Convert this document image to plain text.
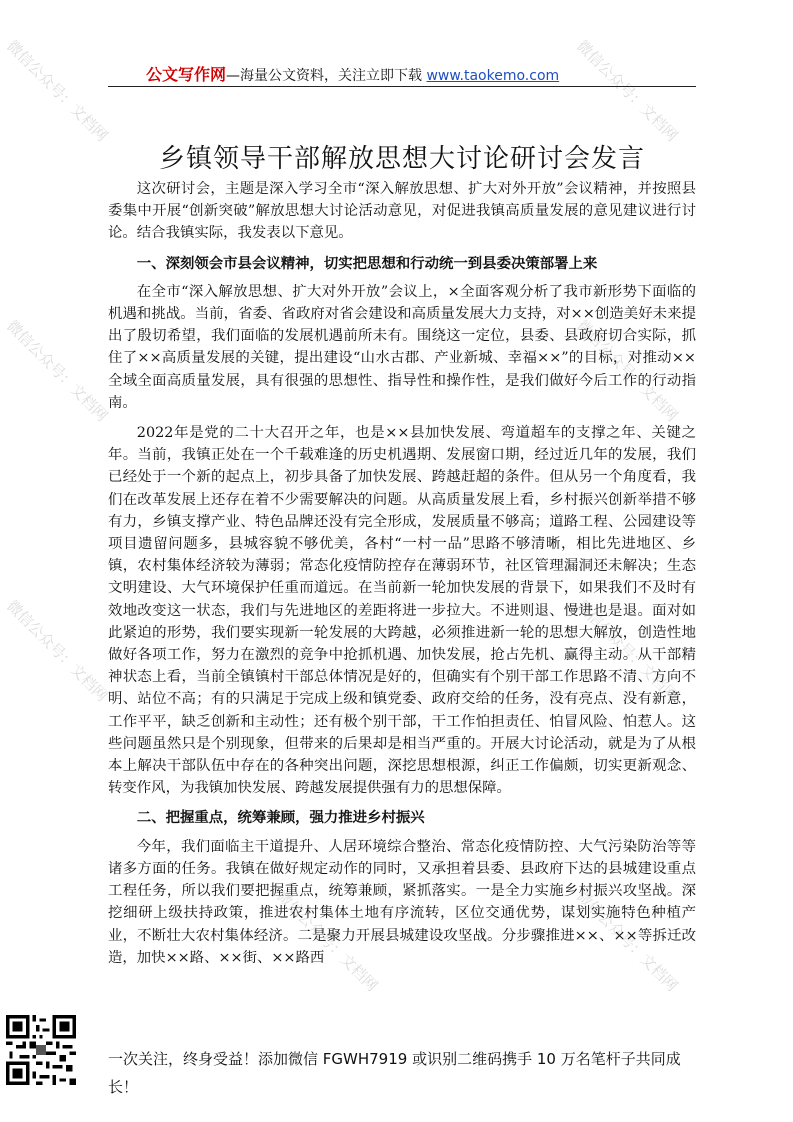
微信公众号：文档网	微信公众号：文档网
微信公众号：文档网	微信公众号：文档网
微信公众号：文档网	微信公众号：文档网
微信公众号：文档网	微信公众号：文档网
公文写作网—海量公文资料，关注立即下载 www.taokemo.com
乡镇领导干部解放思想大讨论研讨会发言

这次研讨会，主题是深入学习全市“深入解放思想、扩大对外开放”会议精神，并按照县委集中开展“创新突破”解放思想大讨论活动意见，对促进我镇高质量发展的意见建议进行讨论。结合我镇实际，我发表以下意见。

一、深刻领会市县会议精神，切实把思想和行动统一到县委决策部署上来

在全市“深入解放思想、扩大对外开放”会议上，×全面客观分析了我市新形势下面临的机遇和挑战。当前，省委、省政府对省会建设和高质量发展大力支持，对××创造美好未来提出了殷切希望，我们面临的发展机遇前所未有。围绕这一定位，县委、县政府切合实际，抓住了××高质量发展的关键，提出建设“山水古郡、产业新城、幸福××”的目标，对推动××全域全面高质量发展，具有很强的思想性、指导性和操作性，是我们做好今后工作的行动指南。

2022年是党的二十大召开之年，也是××县加快发展、弯道超车的支撑之年、关键之年。当前，我镇正处在一个千载难逢的历史机遇期、发展窗口期，经过近几年的发展，我们已经处于一个新的起点上，初步具备了加快发展、跨越赶超的条件。但从另一个角度看，我们在改革发展上还存在着不少需要解决的问题。从高质量发展上看，乡村振兴创新举措不够有力，乡镇支撑产业、特色品牌还没有完全形成，发展质量不够高；道路工程、公园建设等项目遗留问题多，县城容貌不够优美，各村“一村一品”思路不够清晰，相比先进地区、乡镇，农村集体经济较为薄弱；常态化疫情防控存在薄弱环节，社区管理漏洞还未解决；生态文明建设、大气环境保护任重而道远。在当前新一轮加快发展的背景下，如果我们不及时有效地改变这一状态，我们与先进地区的差距将进一步拉大。不进则退、慢进也是退。面对如此紧迫的形势，我们要实现新一轮发展的大跨越，必须推进新一轮的思想大解放，创造性地做好各项工作，努力在激烈的竞争中抢抓机遇、加快发展，抢占先机、赢得主动。从干部精神状态上看，当前全镇镇村干部总体情况是好的，但确实有个别干部工作思路不清、方向不明、站位不高；有的只满足于完成上级和镇党委、政府交给的任务，没有亮点、没有新意，工作平平，缺乏创新和主动性；还有极个别干部，干工作怕担责任、怕冒风险、怕惹人。这些问题虽然只是个别现象，但带来的后果却是相当严重的。开展大讨论活动，就是为了从根本上解决干部队伍中存在的各种突出问题，深挖思想根源，纠正工作偏颇，切实更新观念、转变作风，为我镇加快发展、跨越发展提供强有力的思想保障。

二、把握重点，统筹兼顾，强力推进乡村振兴

今年，我们面临主干道提升、人居环境综合整治、常态化疫情防控、大气污染防治等等诸多方面的任务。我镇在做好规定动作的同时，又承担着县委、县政府下达的县城建设重点工程任务，所以我们要把握重点，统筹兼顾，紧抓落实。一是全力实施乡村振兴攻坚战。深挖细研上级扶持政策，推进农村集体土地有序流转，区位交通优势，谋划实施特色种植产业，不断壮大农村集体经济。二是聚力开展县城建设攻坚战。分步骤推进××、××等拆迁改造，加快××路、××街、××路西

一次关注，终身受益！添加微信 FGWH7919 或识别二维码携手 10 万名笔杆子共同成长！
